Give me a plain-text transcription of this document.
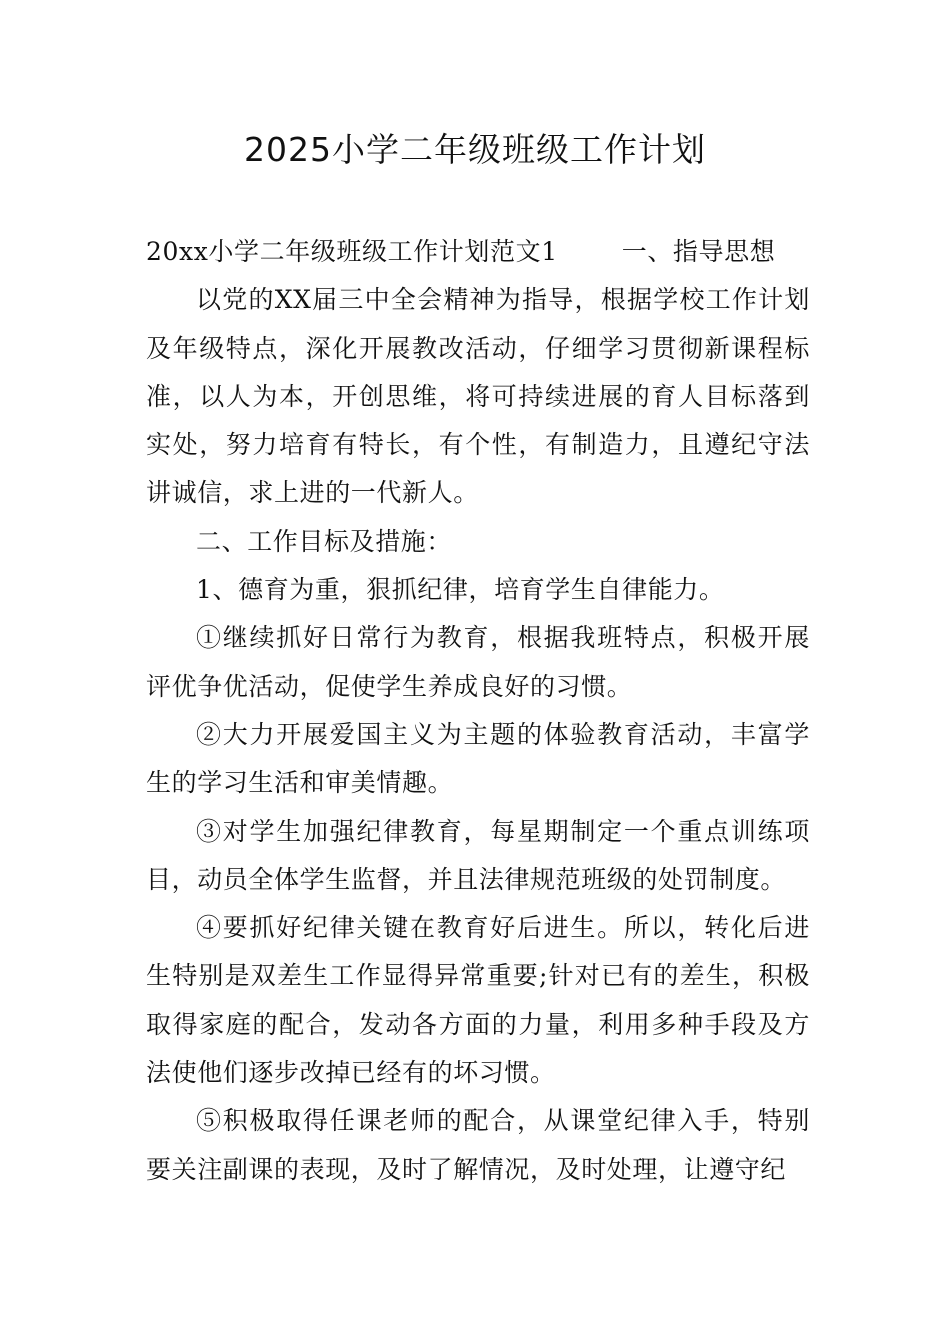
2025小学二年级班级工作计划

20xx小学二年级班级工作计划范文1	一、指导思想

以党的XX届三中全会精神为指导，根据学校工作计划及年级特点，深化开展教改活动，仔细学习贯彻新课程标准，以人为本，开创思维，将可持续进展的育人目标落到实处，努力培育有特长，有个性，有制造力，且遵纪守法讲诚信，求上进的一代新人。

二、工作目标及措施：

1、德育为重，狠抓纪律，培育学生自律能力。

①继续抓好日常行为教育，根据我班特点，积极开展评优争优活动，促使学生养成良好的习惯。

②大力开展爱国主义为主题的体验教育活动，丰富学生的学习生活和审美情趣。

③对学生加强纪律教育，每星期制定一个重点训练项目，动员全体学生监督，并且法律规范班级的处罚制度。

④要抓好纪律关键在教育好后进生。所以，转化后进生特别是双差生工作显得异常重要;针对已有的差生，积极取得家庭的配合，发动各方面的力量，利用多种手段及方法使他们逐步改掉已经有的坏习惯。

⑤积极取得任课老师的配合，从课堂纪律入手，特别要关注副课的表现，及时了解情况，及时处理，让遵守纪
